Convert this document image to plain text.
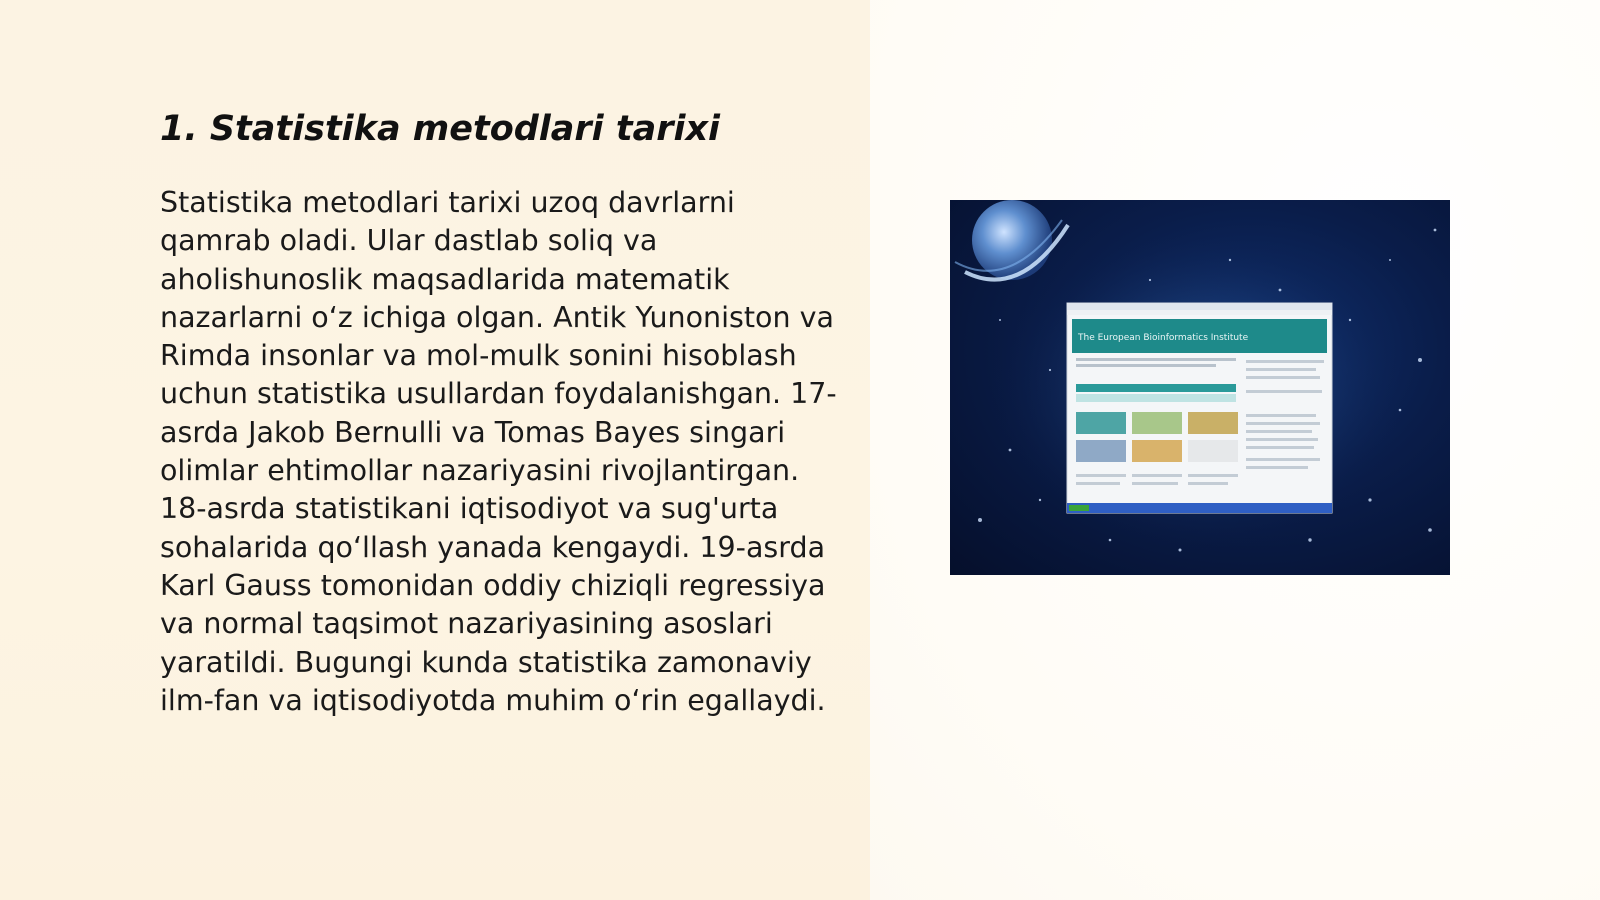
1. Statistika metodlari tarixi

Statistika metodlari tarixi uzoq davrlarni qamrab oladi. Ular dastlab soliq va aholishunoslik maqsadlarida matematik nazarlarni o‘z ichiga olgan. Antik Yunoniston va Rimda insonlar va mol-mulk sonini hisoblash uchun statistika usullardan foydalanishgan. 17-asrda Jakob Bernulli va Tomas Bayes singari olimlar ehtimollar nazariyasini rivojlantirgan. 18-asrda statistikani iqtisodiyot va sug'urta sohalarida qo‘llash yanada kengaydi. 19-asrda Karl Gauss tomonidan oddiy chiziqli regressiya va normal taqsimot nazariyasining asoslari yaratildi. Bugungi kunda statistika zamonaviy ilm-fan va iqtisodiyotda muhim o‘rin egallaydi.

The European Bioinformatics Institute
